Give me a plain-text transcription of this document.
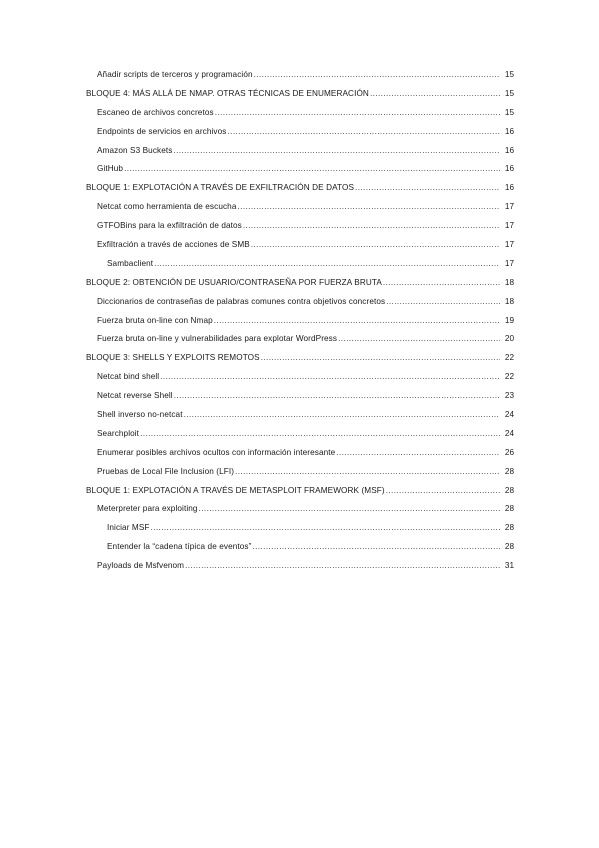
Añadir scripts de terceros y programación .....	15
BLOQUE 4: MÁS ALLÁ DE NMAP. OTRAS TÉCNICAS DE ENUMERACIÓN .....	15
Escaneo de archivos concretos .....	15
Endpoints de servicios en archivos .....	16
Amazon S3 Buckets .....	16
GitHub .....	16
BLOQUE 1: EXPLOTACIÓN A TRAVÉS DE EXFILTRACIÓN DE DATOS .....	16
Netcat como herramienta de escucha .....	17
GTFOBins para la exfiltración de datos .....	17
Exfiltración a través de acciones de SMB .....	17
Sambaclient .....	17
BLOQUE 2: OBTENCIÓN DE USUARIO/CONTRASEÑA POR FUERZA BRUTA .....	18
Diccionarios de contraseñas de palabras comunes contra objetivos concretos .....	18
Fuerza bruta on-line con Nmap .....	19
Fuerza bruta on-line y vulnerabilidades para explotar WordPress .....	20
BLOQUE 3: SHELLS Y EXPLOITS REMOTOS .....	22
Netcat bind shell .....	22
Netcat reverse Shell .....	23
Shell inverso no-netcat .....	24
Searchploit .....	24
Enumerar posibles archivos ocultos con información interesante .....	26
Pruebas de Local File Inclusion (LFI) .....	28
BLOQUE 1: EXPLOTACIÓN A TRAVÉS DE METASPLOIT FRAMEWORK (MSF) .....	28
Meterpreter para exploiting .....	28
Iniciar MSF .....	28
Entender la “cadena típica de eventos” .....	28
Payloads de Msfvenom .....	31
